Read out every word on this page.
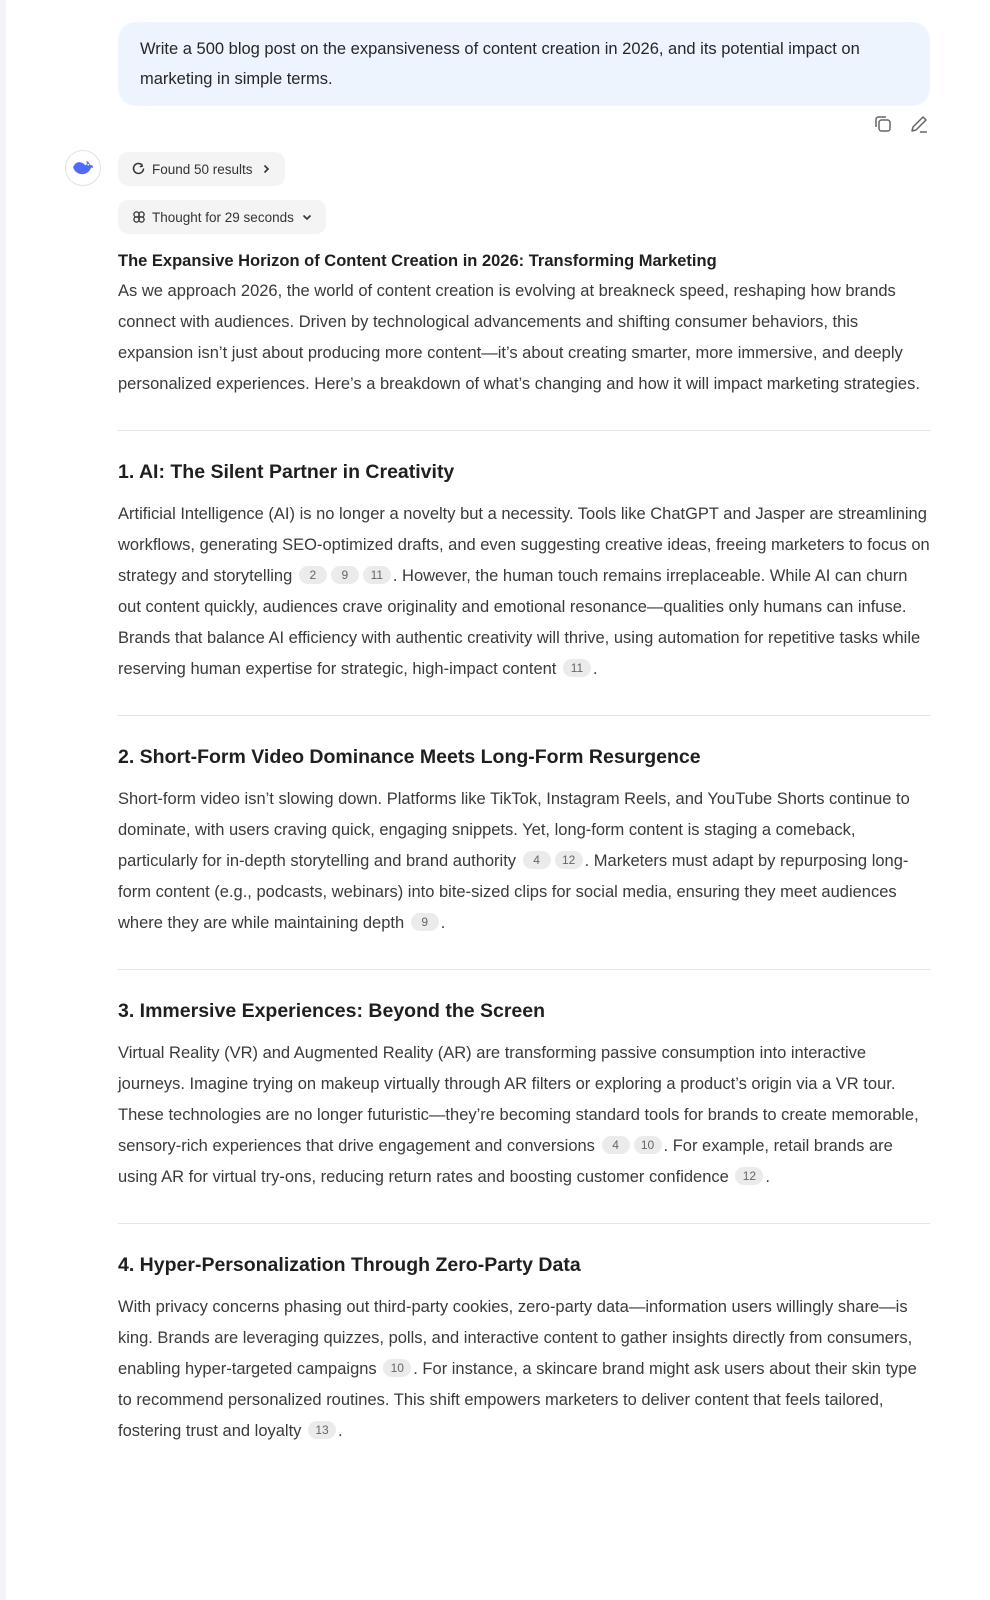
Write a 500 blog post on the expansiveness of content creation in 2026, and its potential impact on marketing in simple terms.
Found 50 results
Thought for 29 seconds
The Expansive Horizon of Content Creation in 2026: Transforming Marketing

As we approach 2026, the world of content creation is evolving at breakneck speed, reshaping how brands connect with audiences. Driven by technological advancements and shifting consumer behaviors, this expansion isn’t just about producing more content—it’s about creating smarter, more immersive, and deeply personalized experiences. Here’s a breakdown of what’s changing and how it will impact marketing strategies.

1. AI: The Silent Partner in Creativity

Artificial Intelligence (AI) is no longer a novelty but a necessity. Tools like ChatGPT and Jasper are streamlining workflows, generating SEO-optimized drafts, and even suggesting creative ideas, freeing marketers to focus on strategy and storytelling 2 9 11 . However, the human touch remains irreplaceable. While AI can churn out content quickly, audiences crave originality and emotional resonance—qualities only humans can infuse. Brands that balance AI efficiency with authentic creativity will thrive, using automation for repetitive tasks while reserving human expertise for strategic, high-impact content 11 .

2. Short-Form Video Dominance Meets Long-Form Resurgence

Short-form video isn’t slowing down. Platforms like TikTok, Instagram Reels, and YouTube Shorts continue to dominate, with users craving quick, engaging snippets. Yet, long-form content is staging a comeback, particularly for in-depth storytelling and brand authority 4 12 . Marketers must adapt by repurposing long-form content (e.g., podcasts, webinars) into bite-sized clips for social media, ensuring they meet audiences where they are while maintaining depth 9 .

3. Immersive Experiences: Beyond the Screen

Virtual Reality (VR) and Augmented Reality (AR) are transforming passive consumption into interactive journeys. Imagine trying on makeup virtually through AR filters or exploring a product’s origin via a VR tour. These technologies are no longer futuristic—they’re becoming standard tools for brands to create memorable, sensory-rich experiences that drive engagement and conversions 4 10 . For example, retail brands are using AR for virtual try-ons, reducing return rates and boosting customer confidence 12 .

4. Hyper-Personalization Through Zero-Party Data

With privacy concerns phasing out third-party cookies, zero-party data—information users willingly share—is king. Brands are leveraging quizzes, polls, and interactive content to gather insights directly from consumers, enabling hyper-targeted campaigns 10 . For instance, a skincare brand might ask users about their skin type to recommend personalized routines. This shift empowers marketers to deliver content that feels tailored, fostering trust and loyalty 13 .
